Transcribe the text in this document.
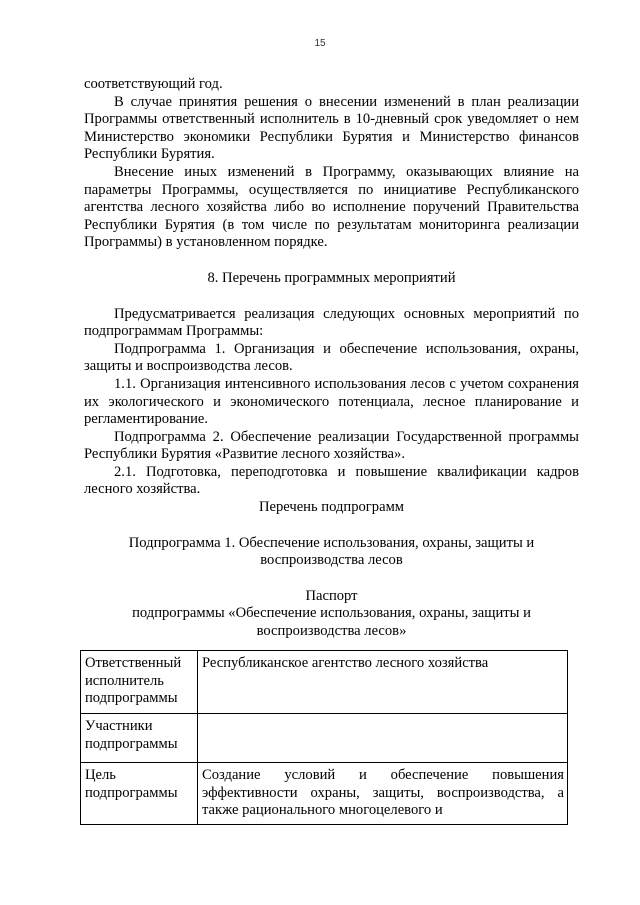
15

соответствующий год.

В случае принятия решения о внесении изменений в план реализации Программы ответственный исполнитель в 10-дневный срок уведомляет о нем Министерство экономики Республики Бурятия и Министерство финансов Республики Бурятия.

Внесение иных изменений в Программу, оказывающих влияние на параметры Программы, осуществляется по инициативе Республиканского агентства лесного хозяйства либо во исполнение поручений Правительства Республики Бурятия (в том числе по результатам мониторинга реализации Программы) в установленном порядке.

8. Перечень программных мероприятий

Предусматривается реализация следующих основных мероприятий по подпрограммам Программы:

Подпрограмма 1. Организация и обеспечение использования, охраны, защиты и воспроизводства лесов.

1.1. Организация интенсивного использования лесов с учетом сохранения их экологического и экономического потенциала, лесное планирование и регламентирование.

Подпрограмма 2. Обеспечение реализации Государственной программы Республики Бурятия «Развитие лесного хозяйства».

2.1. Подготовка, переподготовка и повышение квалификации кадров лесного хозяйства.

Перечень подпрограмм

Подпрограмма 1. Обеспечение использования, охраны, защиты и

воспроизводства лесов

Паспорт

подпрограммы «Обеспечение использования, охраны, защиты и

воспроизводства лесов»

Ответственный исполнитель подпрограммы	Республиканское агентство лесного хозяйства
Участники подпрограммы	
Цель подпрограммы	Создание условий и обеспечение повышения эффективности охраны, защиты, воспроизводства, а также рационального многоцелевого и
